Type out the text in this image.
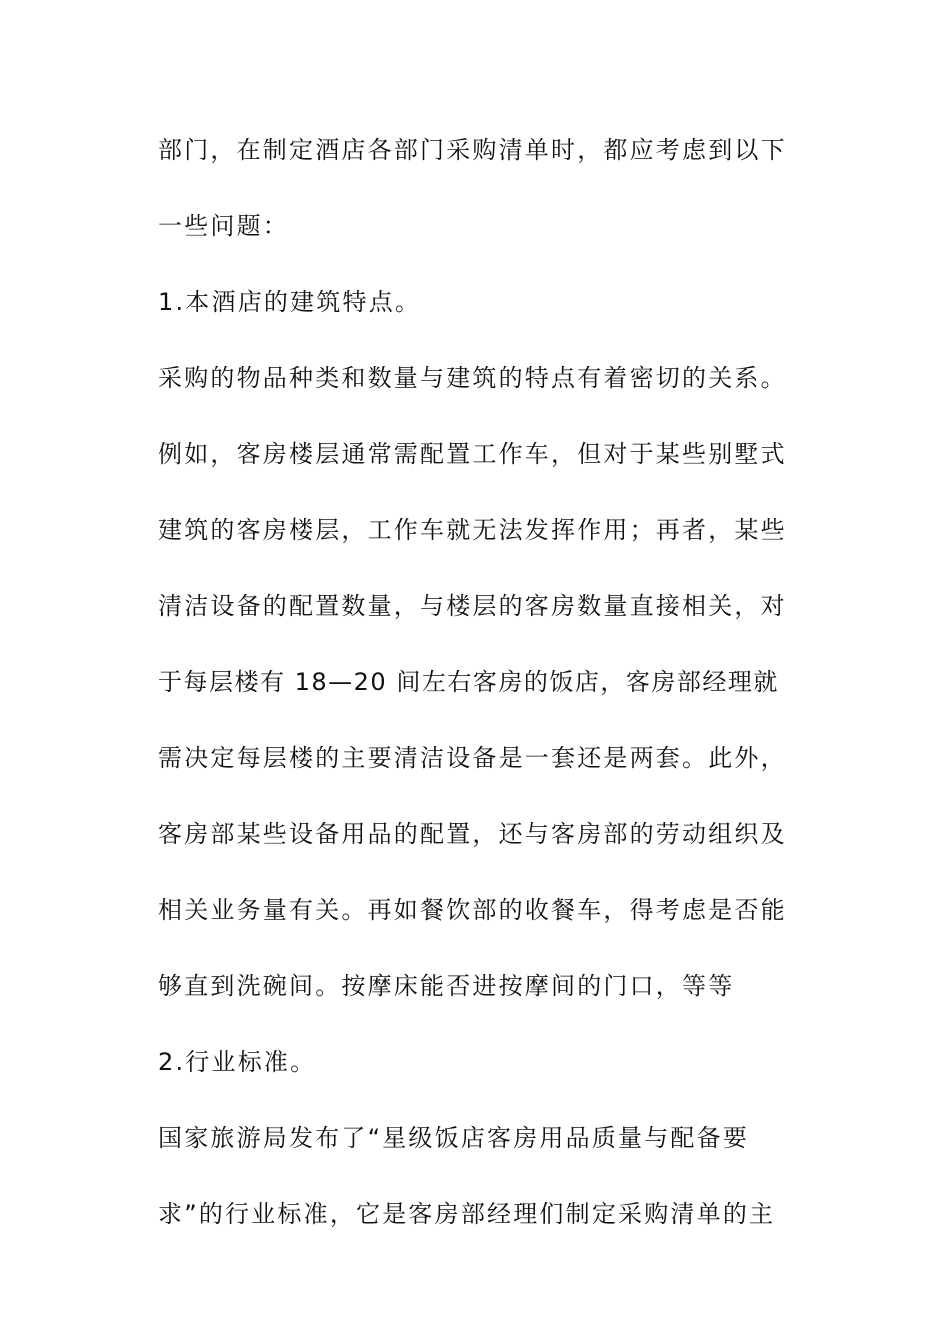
部门，在制定酒店各部门采购清单时，都应考虑到以下
一些问题：
1.本酒店的建筑特点。
采购的物品种类和数量与建筑的特点有着密切的关系。
例如，客房楼层通常需配置工作车，但对于某些别墅式
建筑的客房楼层，工作车就无法发挥作用；再者，某些
清洁设备的配置数量，与楼层的客房数量直接相关，对
于每层楼有 18—20 间左右客房的饭店，客房部经理就
需决定每层楼的主要清洁设备是一套还是两套。此外，
客房部某些设备用品的配置，还与客房部的劳动组织及
相关业务量有关。再如餐饮部的收餐车，得考虑是否能
够直到洗碗间。按摩床能否进按摩间的门口，等等
2.行业标准。
国家旅游局发布了“星级饭店客房用品质量与配备要
求”的行业标准，它是客房部经理们制定采购清单的主
